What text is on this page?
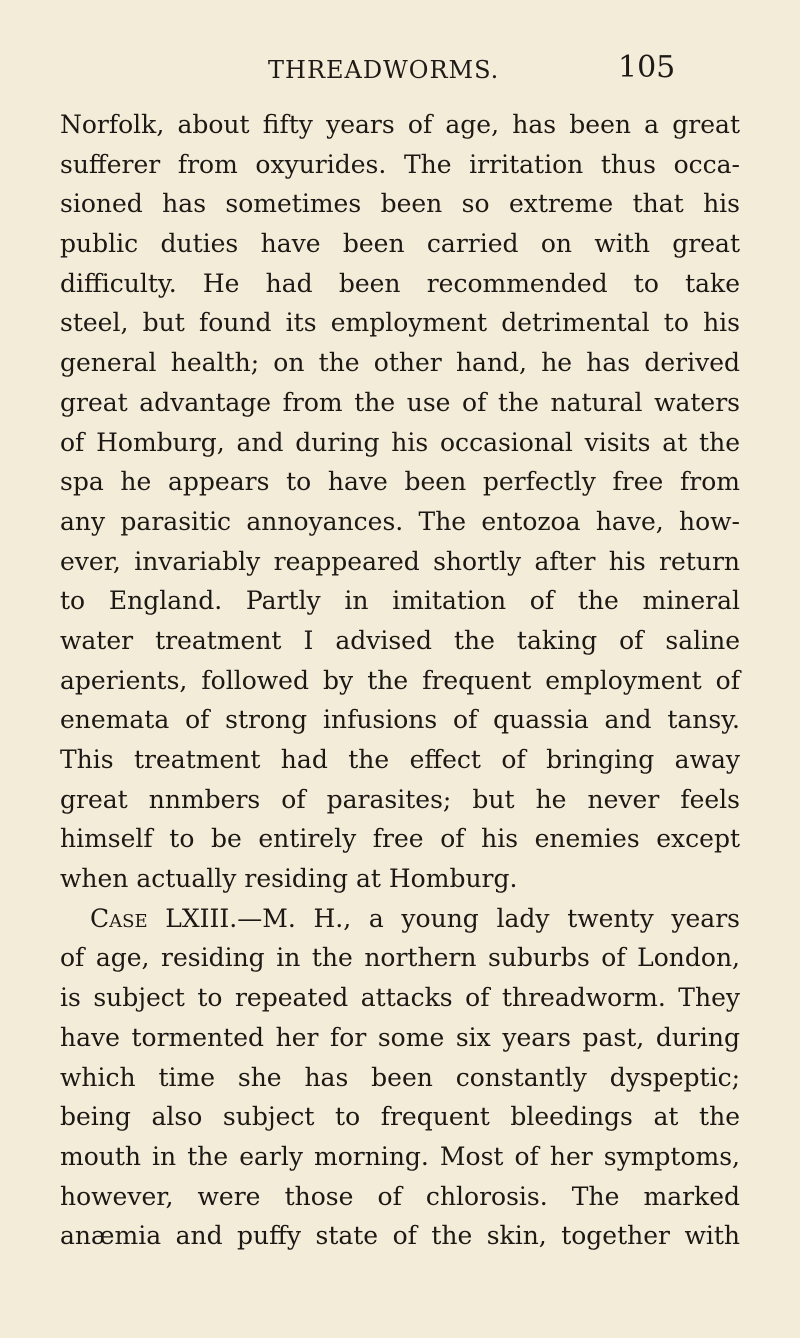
THREADWORMS.	105
Norfolk, about fifty years of age, has been a great
sufferer from oxyurides. The irritation thus occa-
sioned has sometimes been so extreme that his
public duties have been carried on with great
difficulty. He had been recommended to take
steel, but found its employment detrimental to his
general health; on the other hand, he has derived
great advantage from the use of the natural waters
of Homburg, and during his occasional visits at the
spa he appears to have been perfectly free from
any parasitic annoyances. The entozoa have, how-
ever, invariably reappeared shortly after his return
to England. Partly in imitation of the mineral
water treatment I advised the taking of saline
aperients, followed by the frequent employment of
enemata of strong infusions of quassia and tansy.
This treatment had the effect of bringing away
great nnmbers of parasites; but he never feels
himself to be entirely free of his enemies except
when actually residing at Homburg.
Case LXIII.—M. H., a young lady twenty years
of age, residing in the northern suburbs of London,
is subject to repeated attacks of threadworm. They
have tormented her for some six years past, during
which time she has been constantly dyspeptic;
being also subject to frequent bleedings at the
mouth in the early morning. Most of her symptoms,
however, were those of chlorosis. The marked
anæmia and puffy state of the skin, together with
